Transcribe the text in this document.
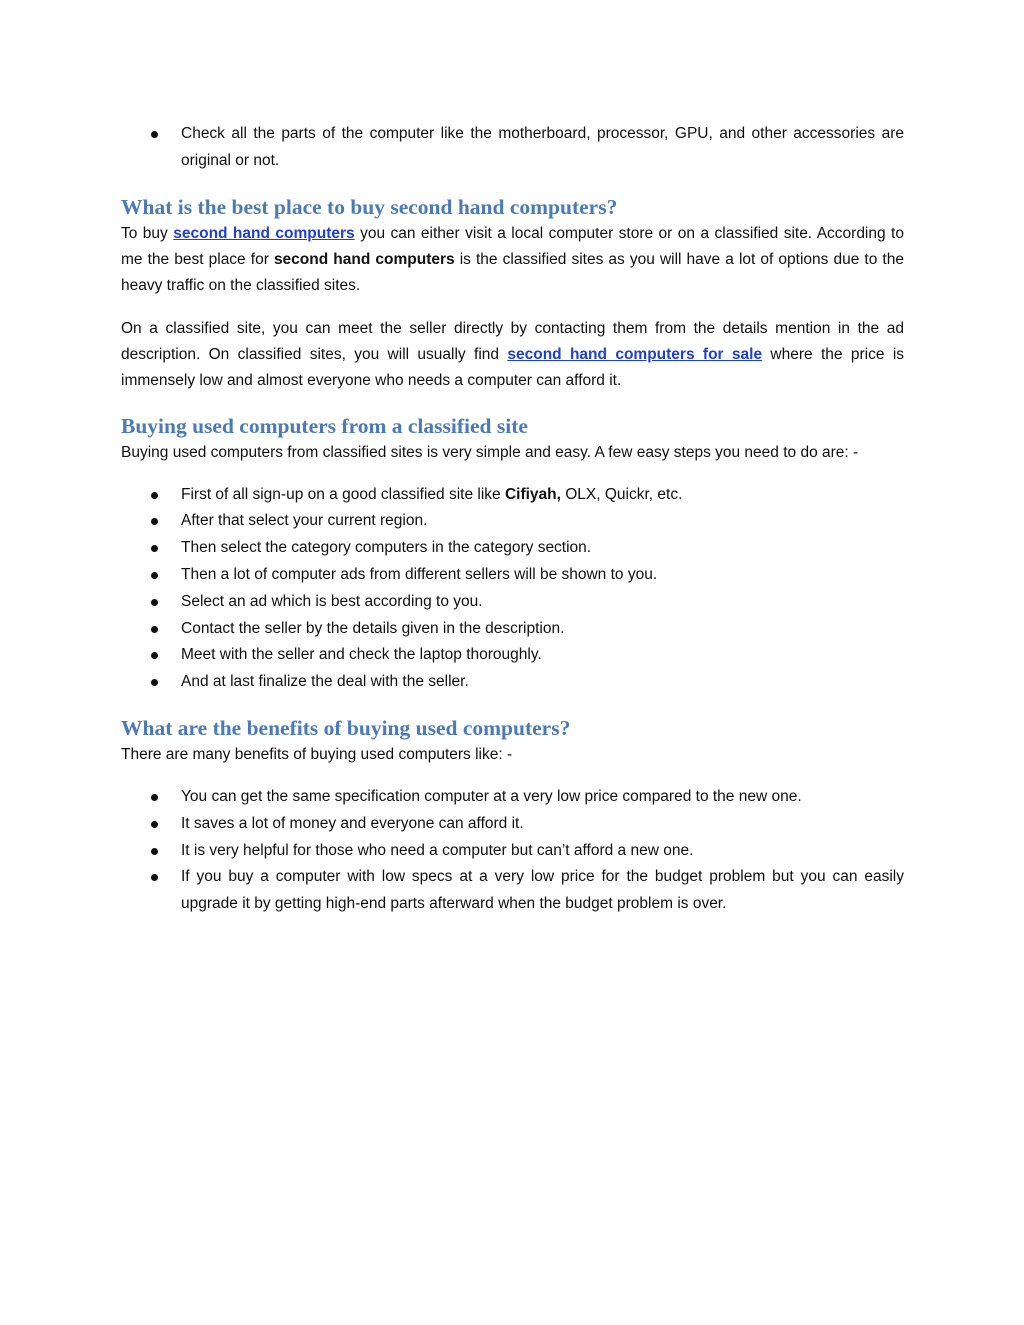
Check all the parts of the computer like the motherboard, processor, GPU, and other accessories are original or not.
What is the best place to buy second hand computers?

To buy second hand computers you can either visit a local computer store or on a classified site. According to me the best place for second hand computers is the classified sites as you will have a lot of options due to the heavy traffic on the classified sites.

On a classified site, you can meet the seller directly by contacting them from the details mention in the ad description. On classified sites, you will usually find second hand computers for sale where the price is immensely low and almost everyone who needs a computer can afford it.

Buying used computers from a classified site

Buying used computers from classified sites is very simple and easy. A few easy steps you need to do are: -

First of all sign-up on a good classified site like Cifiyah, OLX, Quickr, etc.
After that select your current region.
Then select the category computers in the category section.
Then a lot of computer ads from different sellers will be shown to you.
Select an ad which is best according to you.
Contact the seller by the details given in the description.
Meet with the seller and check the laptop thoroughly.
And at last finalize the deal with the seller.
What are the benefits of buying used computers?

There are many benefits of buying used computers like: -

You can get the same specification computer at a very low price compared to the new one.
It saves a lot of money and everyone can afford it.
It is very helpful for those who need a computer but can’t afford a new one.
If you buy a computer with low specs at a very low price for the budget problem but you can easily upgrade it by getting high-end parts afterward when the budget problem is over.
